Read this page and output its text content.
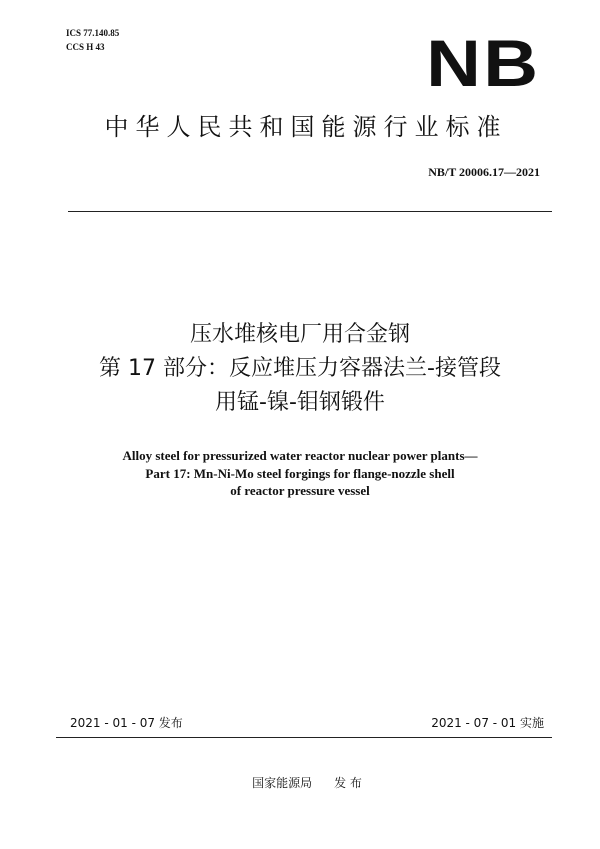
ICS 77.140.85
CCS H 43	NB
中华人民共和国能源行业标准
NB/T 20006.17—2021
压水堆核电厂用合金钢
第 17 部分：反应堆压力容器法兰-接管段
用锰-镍-钼钢锻件
Alloy steel for pressurized water reactor nuclear power plants—
Part 17: Mn-Ni-Mo steel forgings for flange-nozzle shell
of reactor pressure vessel
2021 - 01 - 07 发布	2021 - 07 - 01 实施
国家能源局 发 布
